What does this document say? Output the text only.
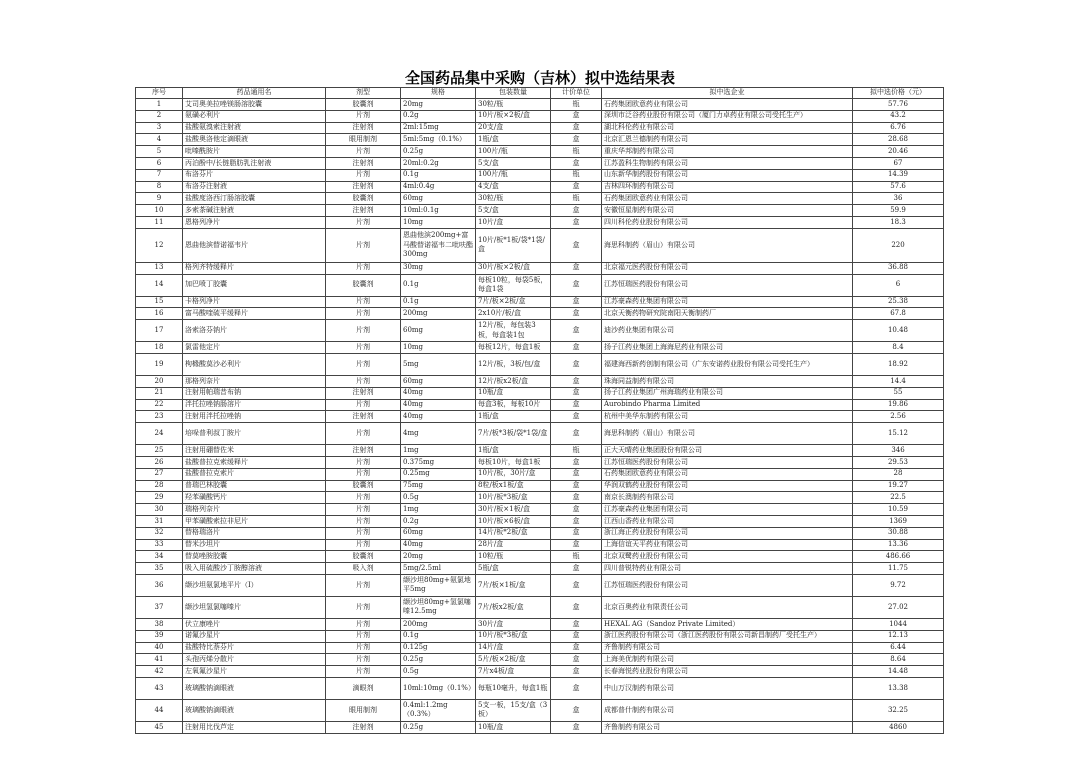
全国药品集中采购（吉林）拟中选结果表
序号	药品通用名	剂型	规格	包装数量	计价单位	拟中选企业	拟中选价格（元）
1	艾司奥美拉唑镁肠溶胶囊	胶囊剂	20mg	30粒/瓶	瓶	石药集团欧意药业有限公司	57.76
2	氨磺必利片	片剂	0.2g	10片/板×2板/盒	盒	深圳市泛谷药业股份有限公司（厦门力卓药业有限公司受托生产）	43.2
3	盐酸氨溴索注射液	注射剂	2ml:15mg	20支/盒	盒	湖北科伦药业有限公司	6.76
4	盐酸奥洛他定滴眼液	眼用制剂	5ml:5mg（0.1%）	1瓶/盒	盒	北京汇恩兰德制药有限公司	28.68
5	吡嗪酰胺片	片剂	0.25g	100片/瓶	瓶	重庆华邦制药有限公司	20.46
6	丙泊酚中/长链脂肪乳注射液	注射剂	20ml:0.2g	5支/盒	盒	江苏盈科生物制药有限公司	67
7	布洛芬片	片剂	0.1g	100片/瓶	瓶	山东新华制药股份有限公司	14.39
8	布洛芬注射液	注射剂	4ml:0.4g	4支/盒	盒	吉林四环制药有限公司	57.6
9	盐酸度洛西汀肠溶胶囊	胶囊剂	60mg	30粒/瓶	瓶	石药集团欧意药业有限公司	36
10	多索茶碱注射液	注射剂	10ml:0.1g	5支/盒	盒	安徽恒星制药有限公司	59.9
11	恩格列净片	片剂	10mg	10片/盒	盒	四川科伦药业股份有限公司	18.3
12	恩曲他滨替诺福韦片	片剂	恩曲他滨200mg+富马酸替诺福韦二吡呋酯300mg	10片/板*1板/袋*1袋/盒	盒	海思科制药（眉山）有限公司	220
13	格列齐特缓释片	片剂	30mg	30片/板×2板/盒	盒	北京福元医药股份有限公司	36.88
14	加巴喷丁胶囊	胶囊剂	0.1g	每板10粒，每袋5板，每盒1袋	盒	江苏恒瑞医药股份有限公司	6
15	卡格列净片	片剂	0.1g	7片/板×2板/盒	盒	江苏豪森药业集团有限公司	25.38
16	富马酸喹硫平缓释片	片剂	200mg	2x10片/板/盒	盒	北京天衡药物研究院南阳天衡制药厂	67.8
17	洛索洛芬钠片	片剂	60mg	12片/板，每包装3板，每盒装1包	盒	迪沙药业集团有限公司	10.48
18	氯雷他定片	片剂	10mg	每板12片，每盒1板	盒	扬子江药业集团上海海尼药业有限公司	8.4
19	枸橼酸莫沙必利片	片剂	5mg	12片/板，3板/包/盒	盒	福建海西新药创制有限公司（广东安诺药业股份有限公司受托生产）	18.92
20	那格列奈片	片剂	60mg	12片/板x2板/盒	盒	珠海同益制药有限公司	14.4
21	注射用帕瑞昔布钠	注射剂	40mg	10瓶/盒	盒	扬子江药业集团广州海瑞药业有限公司	55
22	泮托拉唑钠肠溶片	片剂	40mg	每盒3板，每板10片	盒	Aurobindo Pharma Limited	19.86
23	注射用泮托拉唑钠	注射剂	40mg	1瓶/盒	盒	杭州中美华东制药有限公司	2.56
24	培哚普利叔丁胺片	片剂	4mg	7片/板*3板/袋*1袋/盒	盒	海思科制药（眉山）有限公司	15.12
25	注射用硼替佐米	注射剂	1mg	1瓶/盒	瓶	正大天晴药业集团股份有限公司	346
26	盐酸普拉克索缓释片	片剂	0.375mg	每板10片，每盒1板	盒	江苏恒瑞医药股份有限公司	29.53
27	盐酸普拉克索片	片剂	0.25mg	10片/板，30片/盒	盒	石药集团欧意药业有限公司	28
28	普瑞巴林胶囊	胶囊剂	75mg	8粒/板x1板/盒	盒	华润双鹤药业股份有限公司	19.27
29	羟苯磺酸钙片	片剂	0.5g	10片/板*3板/盒	盒	南京长澳制药有限公司	22.5
30	瑞格列奈片	片剂	1mg	30片/板×1板/盒	盒	江苏豪森药业集团有限公司	10.59
31	甲苯磺酸索拉非尼片	片剂	0.2g	10片/板×6板/盒	盒	江西山香药业有限公司	1369
32	替格瑞洛片	片剂	60mg	14片/板*2板/盒	盒	浙江海正药业股份有限公司	30.88
33	替米沙坦片	片剂	40mg	28片/盒	盒	上海信谊天平药业有限公司	13.36
34	替莫唑胺胶囊	胶囊剂	20mg	10粒/瓶	瓶	北京双鹭药业股份有限公司	486.66
35	吸入用硫酸沙丁胺醇溶液	吸入剂	5mg/2.5ml	5瓶/盒	盒	四川普锐特药业有限公司	11.75
36	缬沙坦氨氯地平片（I）	片剂	缬沙坦80mg+氨氯地平5mg	7片/板×1板/盒	盒	江苏恒瑞医药股份有限公司	9.72
37	缬沙坦氢氯噻嗪片	片剂	缬沙坦80mg+氢氯噻嗪12.5mg	7片/板x2板/盒	盒	北京百奥药业有限责任公司	27.02
38	伏立康唑片	片剂	200mg	30片/盒	盒	HEXAL AG（Sandoz Private Limited）	1044
39	诺氟沙星片	片剂	0.1g	10片/板*3板/盒	盒	浙江医药股份有限公司（浙江医药股份有限公司新昌制药厂受托生产）	12.13
40	盐酸特比萘芬片	片剂	0.125g	14片/盒	盒	齐鲁制药有限公司	6.44
41	头孢丙烯分散片	片剂	0.25g	5片/板×2板/盒	盒	上海美优制药有限公司	8.64
42	左氧氟沙星片	片剂	0.5g	7片x4板/盒	盒	长春海悦药业股份有限公司	14.48
43	玻璃酸钠滴眼液	滴眼剂	10ml:10mg（0.1%）	每瓶10毫升，每盒1瓶	盒	中山万汉制药有限公司	13.38
44	玻璃酸钠滴眼液	眼用制剂	0.4ml:1.2mg（0.3%）	5支一板，15支/盒（3板）	盒	成都普什制药有限公司	32.25
45	注射用比伐芦定	注射剂	0.25g	10瓶/盒	盒	齐鲁制药有限公司	4860
